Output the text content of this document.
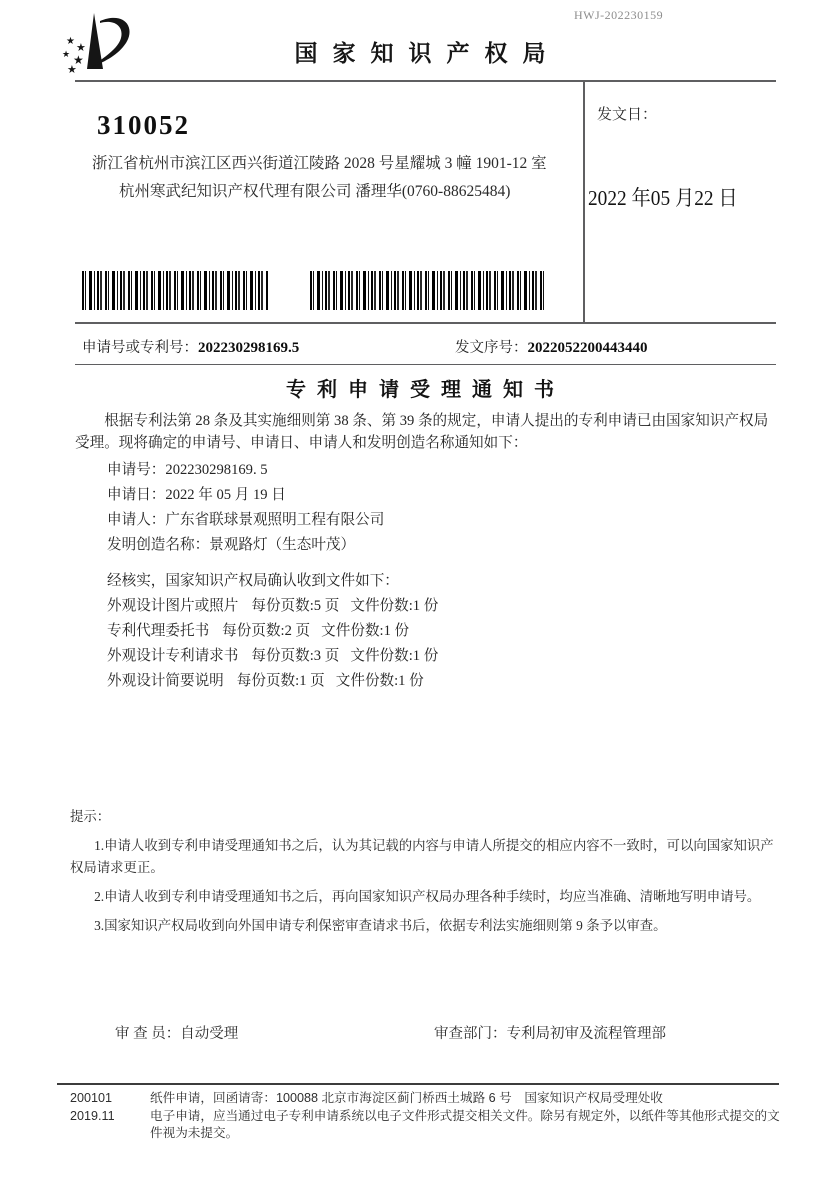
HWJ-202230159
★
★
★ ★
★
国家知识产权局
310052
浙江省杭州市滨江区西兴街道江陵路 2028 号星耀城 3 幢 1901-12 室
杭州寒武纪知识产权代理有限公司 潘理华(0760-88625484)
发文日：
2022 年05 月22 日
申请号或专利号：202230298169.5	发文序号：2022052200443440
专利申请受理通知书

根据专利法第 28 条及其实施细则第 38 条、第 39 条的规定，申请人提出的专利申请已由国家知识产权局受理。现将确定的申请号、申请日、申请人和发明创造名称通知如下：

申请号：202230298169. 5
申请日：2022 年 05 月 19 日
申请人：广东省联球景观照明工程有限公司
发明创造名称：景观路灯（生态叶茂）
经核实，国家知识产权局确认收到文件如下：
外观设计图片或照片 每份页数:5 页 文件份数:1 份
专利代理委托书 每份页数:2 页 文件份数:1 份
外观设计专利请求书 每份页数:3 页 文件份数:1 份
外观设计简要说明 每份页数:1 页 文件份数:1 份
提示：

1.申请人收到专利申请受理通知书之后，认为其记载的内容与申请人所提交的相应内容不一致时，可以向国家知识产权局请求更正。

2.申请人收到专利申请受理通知书之后，再向国家知识产权局办理各种手续时，均应当准确、清晰地写明申请号。

3.国家知识产权局收到向外国申请专利保密审查请求书后，依据专利法实施细则第 9 条予以审查。

审 查 员：自动受理	审查部门：专利局初审及流程管理部
200101	纸件申请，回函请寄：100088 北京市海淀区蓟门桥西土城路 6 号　国家知识产权局受理处收
2019.11	电子申请，应当通过电子专利申请系统以电子文件形式提交相关文件。除另有规定外，以纸件等其他形式提交的文件视为未提交。
